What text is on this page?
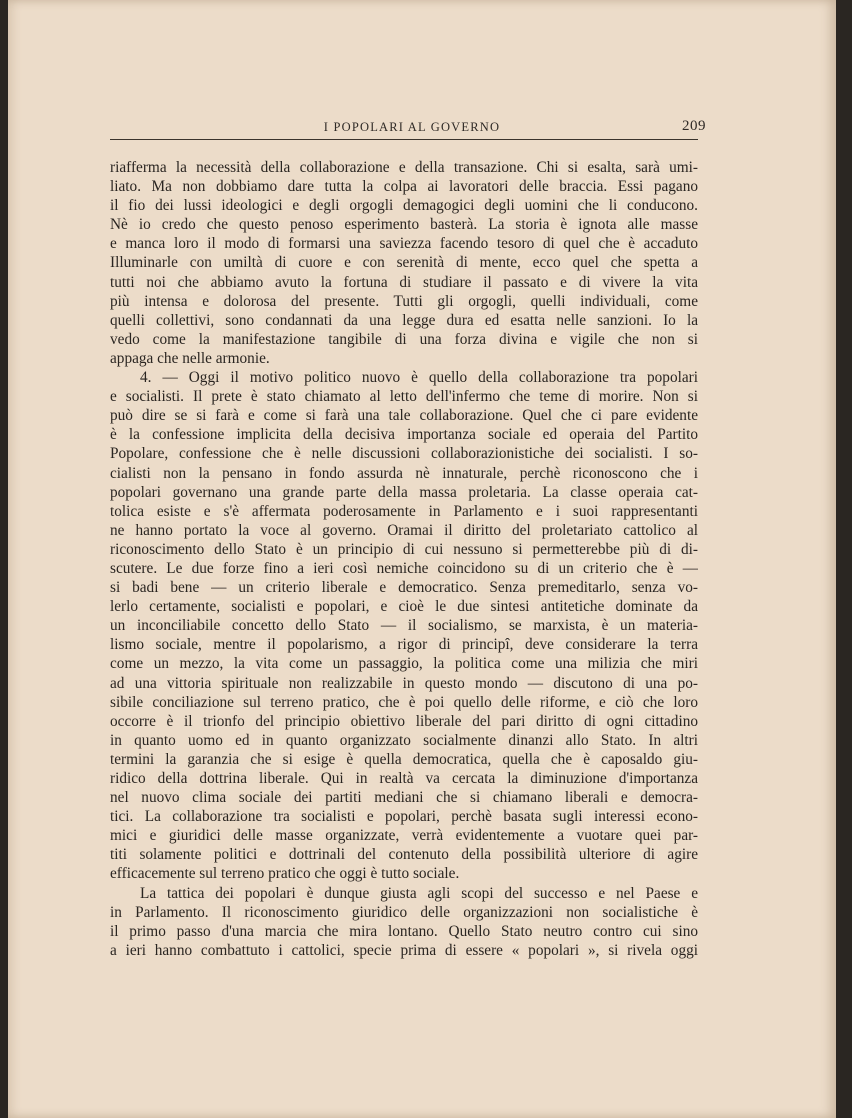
I POPOLARI AL GOVERNO	209
riafferma la necessità della collaborazione e della transazione. Chi si esalta, sarà umi-
liato. Ma non dobbiamo dare tutta la colpa ai lavoratori delle braccia. Essi pagano
il fio dei lussi ideologici e degli orgogli demagogici degli uomini che li conducono.
Nè io credo che questo penoso esperimento basterà. La storia è ignota alle masse
e manca loro il modo di formarsi una saviezza facendo tesoro di quel che è accaduto
Illuminarle con umiltà di cuore e con serenità di mente, ecco quel che spetta a
tutti noi che abbiamo avuto la fortuna di studiare il passato e di vivere la vita
più intensa e dolorosa del presente. Tutti gli orgogli, quelli individuali, come
quelli collettivi, sono condannati da una legge dura ed esatta nelle sanzioni. Io la
vedo come la manifestazione tangibile di una forza divina e vigile che non si
appaga che nelle armonie.
4. — Oggi il motivo politico nuovo è quello della collaborazione tra popolari
e socialisti. Il prete è stato chiamato al letto dell'infermo che teme di morire. Non si
può dire se si farà e come si farà una tale collaborazione. Quel che ci pare evidente
è la confessione implicita della decisiva importanza sociale ed operaia del Partito
Popolare, confessione che è nelle discussioni collaborazionistiche dei socialisti. I so-
cialisti non la pensano in fondo assurda nè innaturale, perchè riconoscono che i
popolari governano una grande parte della massa proletaria. La classe operaia cat-
tolica esiste e s'è affermata poderosamente in Parlamento e i suoi rappresentanti
ne hanno portato la voce al governo. Oramai il diritto del proletariato cattolico al
riconoscimento dello Stato è un principio di cui nessuno si permetterebbe più di di-
scutere. Le due forze fino a ieri così nemiche coincidono su di un criterio che è —
si badi bene — un criterio liberale e democratico. Senza premeditarlo, senza vo-
lerlo certamente, socialisti e popolari, e cioè le due sintesi antitetiche dominate da
un inconciliabile concetto dello Stato — il socialismo, se marxista, è un materia-
lismo sociale, mentre il popolarismo, a rigor di principî, deve considerare la terra
come un mezzo, la vita come un passaggio, la politica come una milizia che miri
ad una vittoria spirituale non realizzabile in questo mondo — discutono di una po-
sibile conciliazione sul terreno pratico, che è poi quello delle riforme, e ciò che loro
occorre è il trionfo del principio obiettivo liberale del pari diritto di ogni cittadino
in quanto uomo ed in quanto organizzato socialmente dinanzi allo Stato. In altri
termini la garanzia che si esige è quella democratica, quella che è caposaldo giu-
ridico della dottrina liberale. Qui in realtà va cercata la diminuzione d'importanza
nel nuovo clima sociale dei partiti mediani che si chiamano liberali e democra-
tici. La collaborazione tra socialisti e popolari, perchè basata sugli interessi econo-
mici e giuridici delle masse organizzate, verrà evidentemente a vuotare quei par-
titi solamente politici e dottrinali del contenuto della possibilità ulteriore di agire
efficacemente sul terreno pratico che oggi è tutto sociale.
La tattica dei popolari è dunque giusta agli scopi del successo e nel Paese e
in Parlamento. Il riconoscimento giuridico delle organizzazioni non socialistiche è
il primo passo d'una marcia che mira lontano. Quello Stato neutro contro cui sino
a ieri hanno combattuto i cattolici, specie prima di essere « popolari », si rivela oggi
